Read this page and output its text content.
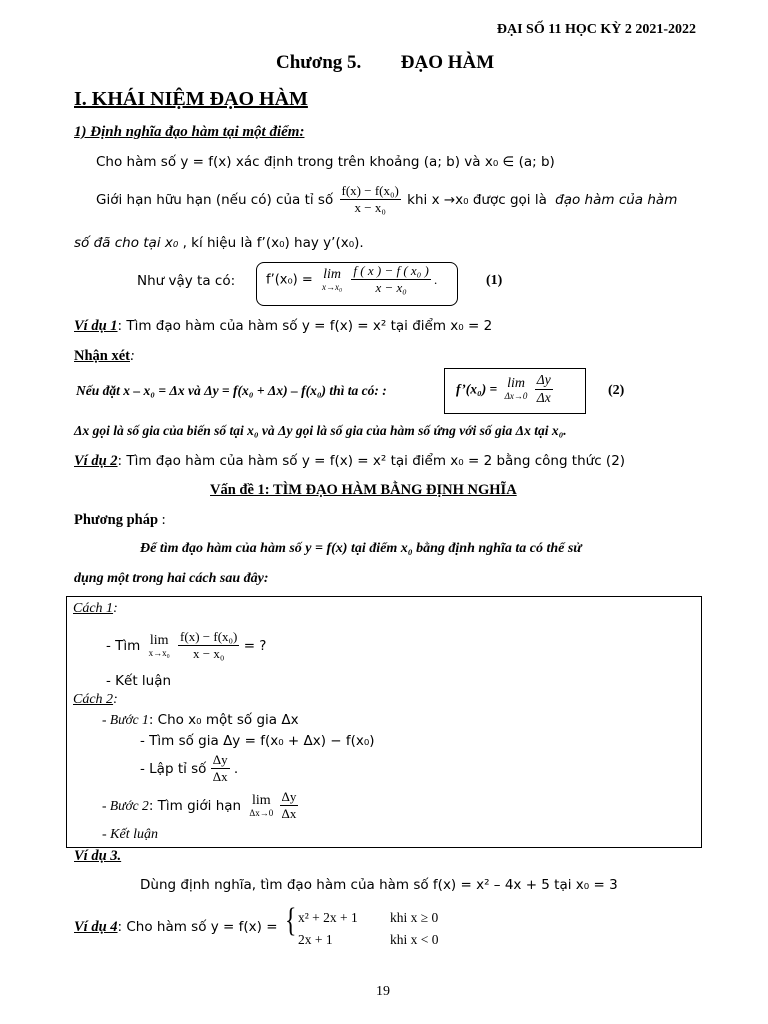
ĐẠI SỐ 11 HỌC KỲ 2 2021-2022
Chương 5. ĐẠO HÀM
I. KHÁI NIỆM ĐẠO HÀM
1) Định nghĩa đạo hàm tại một điểm:
Cho hàm số y = f(x) xác định trong trên khoảng (a; b) và x₀ ∈ (a; b)
Giới hạn hữu hạn (nếu có) của tỉ số $\frac{\text{f(x) − f(x₀)}}{\text{x − x₀}}$ khi x →x₀ được gọi là đạo hàm của hàm
số đã cho tại x₀ , kí hiệu là f’(x₀) hay y’(x₀).
Như vậy ta có: f’(x₀) = lim
x→x₀
$\frac{\text{f ( x ) − f ( x₀ )}}{\text{x − x₀}}$ .	(1)
Ví dụ 1: Tìm đạo hàm của hàm số y = f(x) = x² tại điểm x₀ = 2
Nhận xét:
Nếu đặt x – x₀ = Δx và Δy = f(x₀ + Δx) – f(x₀) thì ta có: :	f’(x₀) = lim
Δx→0
$\frac{\Delta y}{\Delta x}$	(2)
Δx gọi là số gia của biến số tại x₀ và Δy gọi là số gia của hàm số ứng với số gia Δx tại x₀.
Ví dụ 2: Tìm đạo hàm của hàm số y = f(x) = x² tại điểm x₀ = 2 bằng công thức (2)
Vấn đề 1: TÌM ĐẠO HÀM BẰNG ĐỊNH NGHĨA
Phương pháp :
Để tìm đạo hàm của hàm số y = f(x) tại điểm x₀ bằng định nghĩa ta có thể sử
dụng một trong hai cách sau đây:
Cách 1:
- Tìm lim
x→x₀
$\frac{\text{f(x) − f(x₀)}}{\text{x − x₀}}$ = ?
- Kết luận
Cách 2:
- Bước 1: Cho x₀ một số gia Δx
- Tìm số gia Δy = f(x₀ + Δx) − f(x₀)
- Lập tỉ số $\frac{\Delta y}{\Delta x}$ .
- Bước 2: Tìm giới hạn lim
Δx→0
$\frac{\Delta y}{\Delta x}$
- Kết luận
Ví dụ 3.
Dùng định nghĩa, tìm đạo hàm của hàm số f(x) = x² – 4x + 5 tại x₀ = 3
Ví dụ 4: Cho hàm số y = f(x) = { x² + 2x + 1 khi x ≥ 0
2x + 1	khi x < 0
19
